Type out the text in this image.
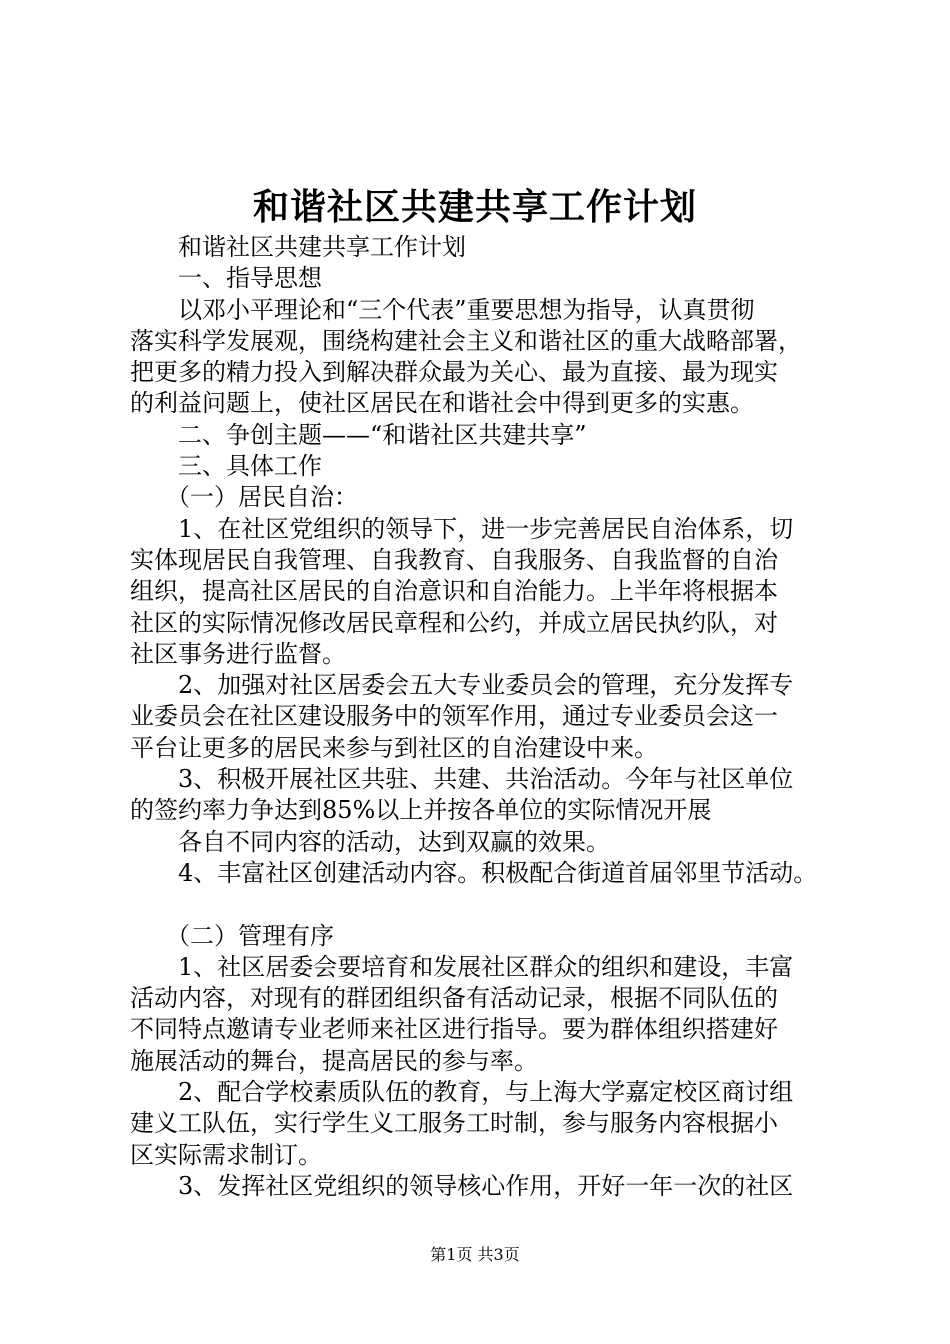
和谐社区共建共享工作计划
和谐社区共建共享工作计划
一、指导思想
以邓小平理论和“三个代表”重要思想为指导，认真贯彻
落实科学发展观，围绕构建社会主义和谐社区的重大战略部署，
把更多的精力投入到解决群众最为关心、最为直接、最为现实
的利益问题上，使社区居民在和谐社会中得到更多的实惠。
二、争创主题——“和谐社区共建共享”
三、具体工作
（一）居民自治：
1、在社区党组织的领导下，进一步完善居民自治体系，切
实体现居民自我管理、自我教育、自我服务、自我监督的自治
组织，提高社区居民的自治意识和自治能力。上半年将根据本
社区的实际情况修改居民章程和公约，并成立居民执约队，对
社区事务进行监督。
2、加强对社区居委会五大专业委员会的管理，充分发挥专
业委员会在社区建设服务中的领军作用，通过专业委员会这一
平台让更多的居民来参与到社区的自治建设中来。
3、积极开展社区共驻、共建、共治活动。今年与社区单位
的签约率力争达到85%以上并按各单位的实际情况开展
各自不同内容的活动，达到双赢的效果。
4、丰富社区创建活动内容。积极配合街道首届邻里节活动。
（二）管理有序
1、社区居委会要培育和发展社区群众的组织和建设，丰富
活动内容，对现有的群团组织备有活动记录，根据不同队伍的
不同特点邀请专业老师来社区进行指导。要为群体组织搭建好
施展活动的舞台，提高居民的参与率。
2、配合学校素质队伍的教育，与上海大学嘉定校区商讨组
建义工队伍，实行学生义工服务工时制，参与服务内容根据小
区实际需求制订。
3、发挥社区党组织的领导核心作用，开好一年一次的社区
第1页 共3页
